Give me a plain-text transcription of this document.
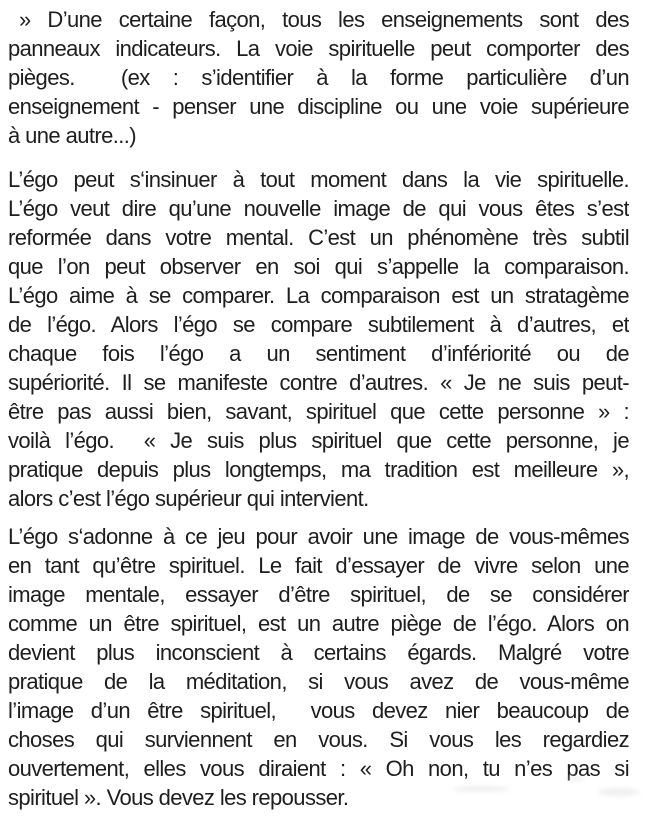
» D’une certaine façon, tous les enseignements sont des
panneaux indicateurs. La voie spirituelle peut comporter des
pièges.  (ex : s’identifier à la forme particulière d’un
enseignement - penser une discipline ou une voie supérieure
à une autre...)
L’égo peut s‘insinuer à tout moment dans la vie spirituelle.
L’égo veut dire qu’une nouvelle image de qui vous êtes s’est
reformée dans votre mental. C’est un phénomène très subtil
que l’on peut observer en soi qui s’appelle la comparaison.
L’égo aime à se comparer. La comparaison est un stratagème
de l’égo. Alors l’égo se compare subtilement à d’autres, et
chaque fois l’égo a un sentiment d’infériorité ou de
supériorité. Il se manifeste contre d’autres. « Je ne suis peut-
être pas aussi bien, savant, spirituel que cette personne » :
voilà l’égo.  « Je suis plus spirituel que cette personne, je
pratique depuis plus longtemps, ma tradition est meilleure »,
alors c’est l’égo supérieur qui intervient.
L’égo s‘adonne à ce jeu pour avoir une image de vous-mêmes
en tant qu’être spirituel. Le fait d’essayer de vivre selon une
image mentale, essayer d’être spirituel, de se considérer
comme un être spirituel, est un autre piège de l’égo. Alors on
devient plus inconscient à certains égards. Malgré votre
pratique de la méditation, si vous avez de vous-même
l’image d’un être spirituel,  vous devez nier beaucoup de
choses qui surviennent en vous. Si vous les regardiez
ouvertement, elles vous diraient : « Oh non, tu n’es pas si
spirituel ». Vous devez les repousser.
